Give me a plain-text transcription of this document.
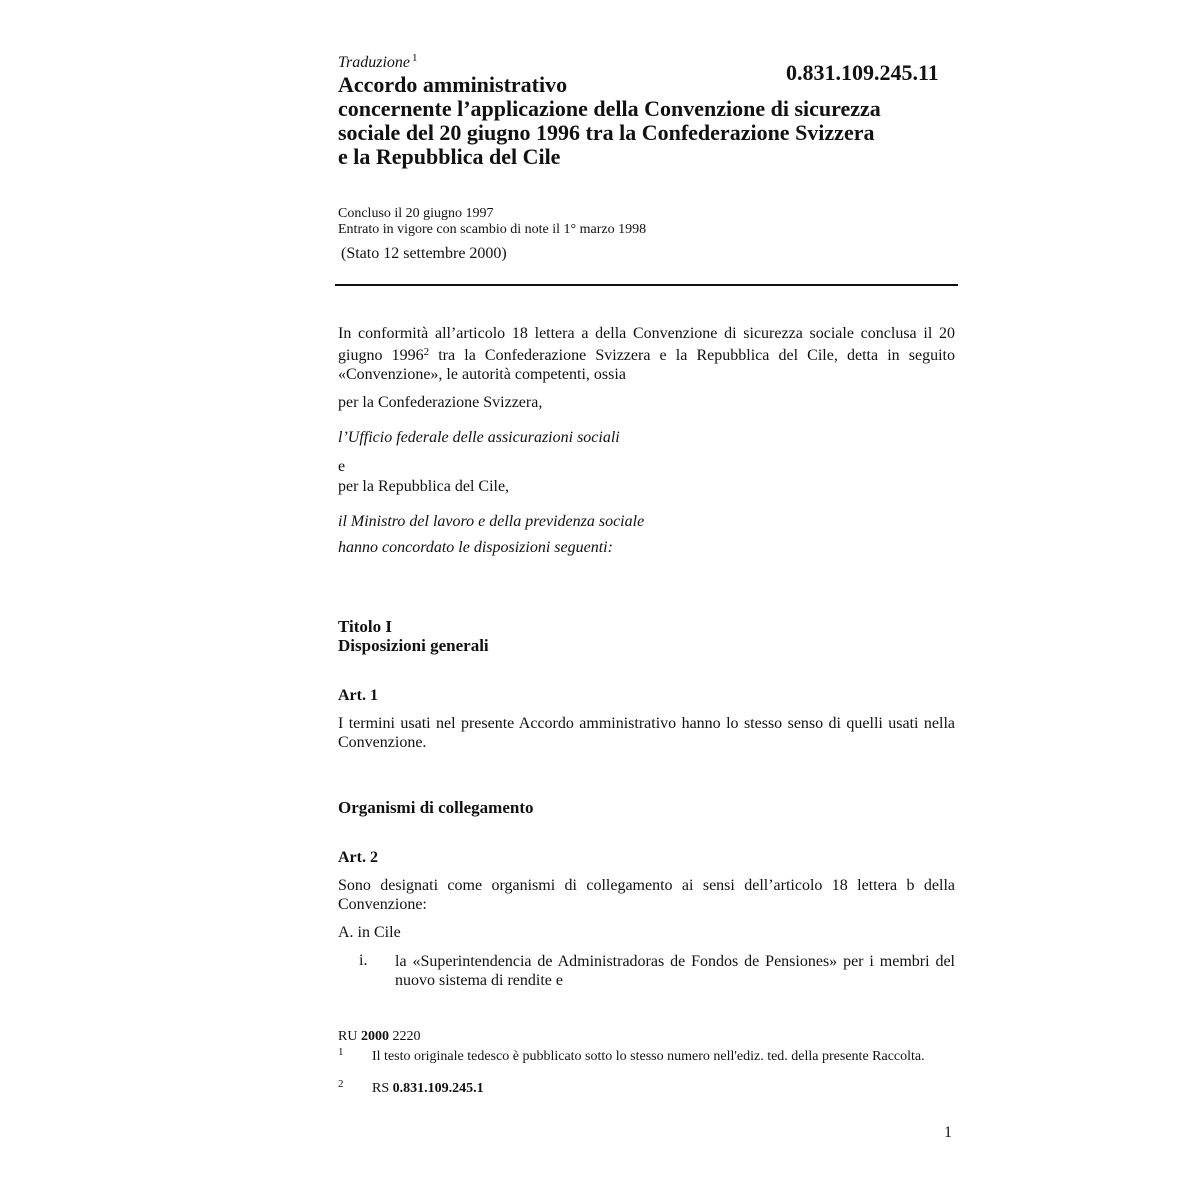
Traduzione $^1$
0.831.109.245.11
Accordo amministrativo
concernente l’applicazione della Convenzione di sicurezza
sociale del 20 giugno 1996 tra la Confederazione Svizzera
e la Repubblica del Cile
Concluso il 20 giugno 1997
Entrato in vigore con scambio di note il 1° marzo 1998
(Stato 12 settembre 2000)
In conformità all’articolo 18 lettera a della Convenzione di sicurezza sociale conclusa il 20 giugno 1996$^2$ tra la Confederazione Svizzera e la Repubblica del Cile, detta in seguito «Convenzione», le autorità competenti, ossia
per la Confederazione Svizzera,
l’Ufficio federale delle assicurazioni sociali
e
per la Repubblica del Cile,
il Ministro del lavoro e della previdenza sociale
hanno concordato le disposizioni seguenti:
Titolo I
Disposizioni generali
Art. 1
I termini usati nel presente Accordo amministrativo hanno lo stesso senso di quelli usati nella Convenzione.
Organismi di collegamento
Art. 2
Sono designati come organismi di collegamento ai sensi dell’articolo 18 lettera b della Convenzione:
A. in Cile
i. la «Superintendencia de Administradoras de Fondos de Pensiones» per i membri del nuovo sistema di rendite e
RU 2000 2220
1 Il testo originale tedesco è pubblicato sotto lo stesso numero nell'ediz. ted. della presente Raccolta.
2 RS 0.831.109.245.1
1
